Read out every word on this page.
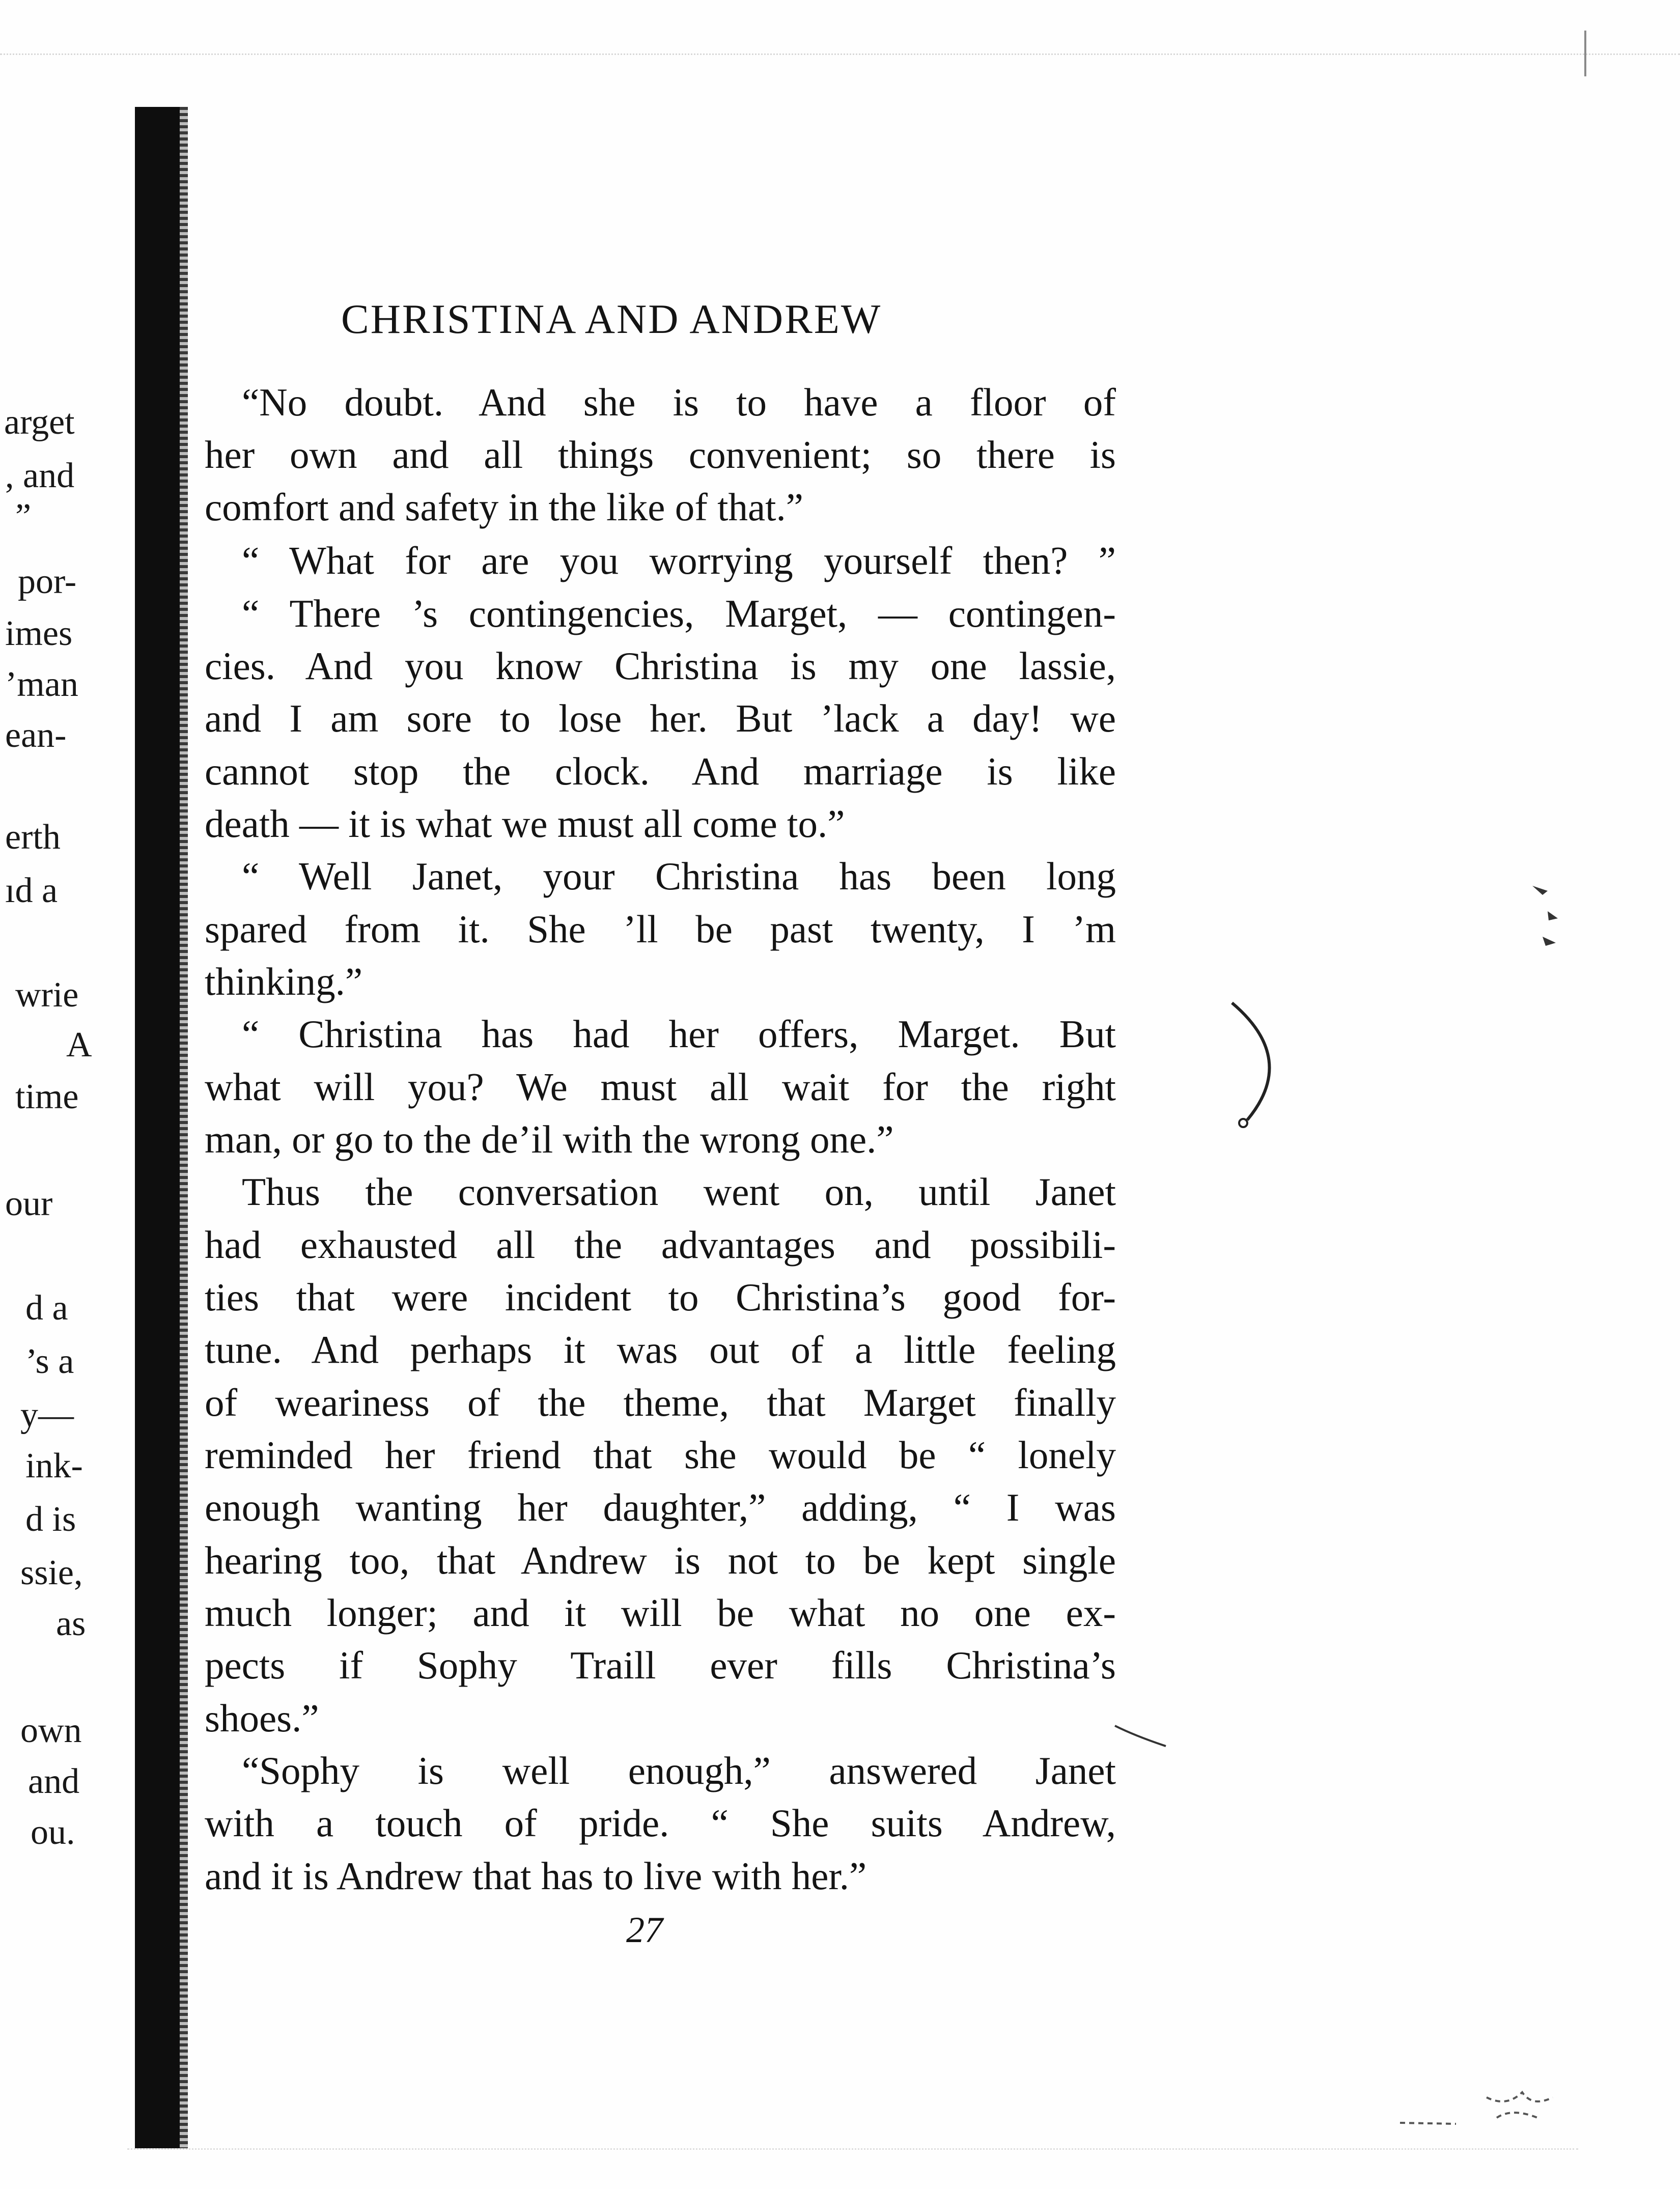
arget
, and
”
por-
imes
’man
ean-
erth
ıd a
wrie
A
time
our
d a
’s a
y—
ink-
d is
ssie,
as
own
and
ou.
CHRISTINA AND ANDREW
“No doubt. And she is to have a floor of
her own and all things convenient; so there is
comfort and safety in the like of that.”
“ What for are you worrying yourself then? ”
“ There ’s contingencies, Marget, — contingen-
cies. And you know Christina is my one lassie,
and I am sore to lose her. But ’lack a day! we
cannot stop the clock. And marriage is like
death — it is what we must all come to.”
“ Well Janet, your Christina has been long
spared from it. She ’ll be past twenty, I ’m
thinking.”
“ Christina has had her offers, Marget. But
what will you? We must all wait for the right
man, or go to the de’il with the wrong one.”
Thus the conversation went on, until Janet
had exhausted all the advantages and possibili-
ties that were incident to Christina’s good for-
tune. And perhaps it was out of a little feeling
of weariness of the theme, that Marget finally
reminded her friend that she would be “ lonely
enough wanting her daughter,” adding, “ I was
hearing too, that Andrew is not to be kept single
much longer; and it will be what no one ex-
pects if Sophy Traill ever fills Christina’s
shoes.”
“Sophy is well enough,” answered Janet
with a touch of pride. “ She suits Andrew,
and it is Andrew that has to live with her.”
27
